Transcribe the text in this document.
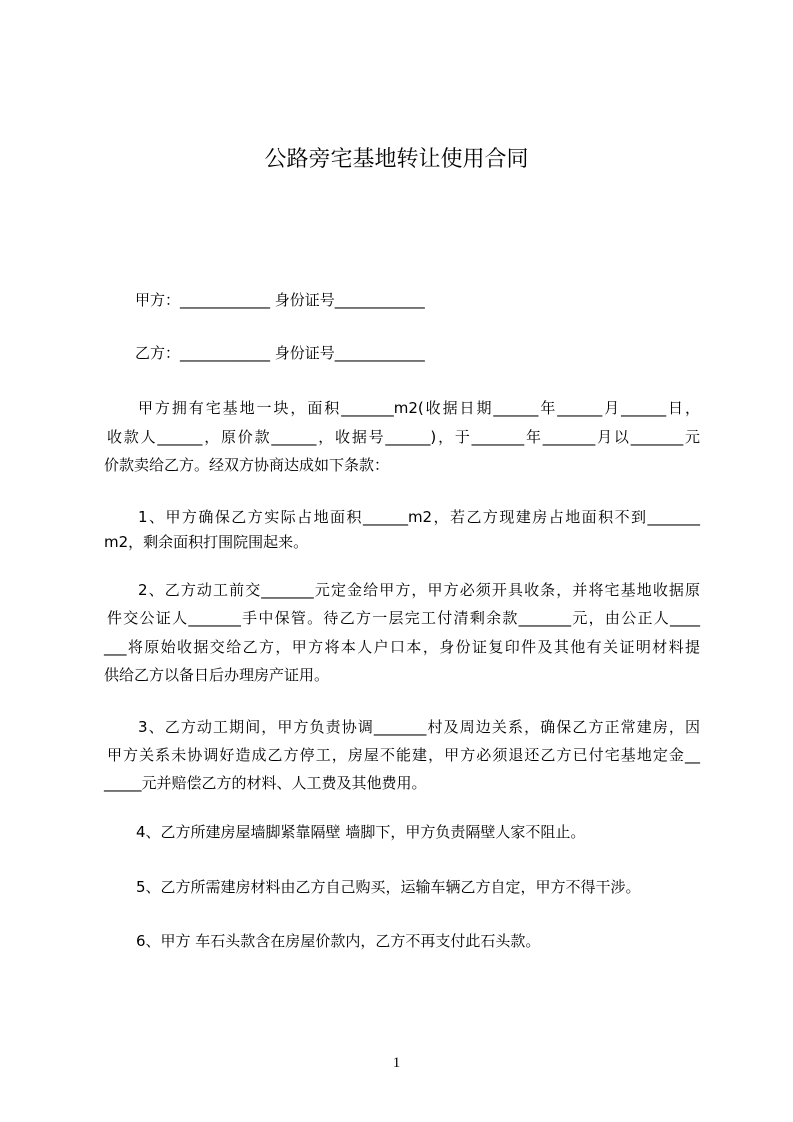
公路旁宅基地转让使用合同
甲方：____________ 身份证号____________
乙方：____________ 身份证号____________
甲方拥有宅基地一块，面积_______m2(收据日期______年______月______日，
收款人______，原价款______，收据号______)，于_______年_______月以_______元
价款卖给乙方。经双方协商达成如下条款：
1、甲方确保乙方实际占地面积______m2，若乙方现建房占地面积不到_______
m2，剩余面积打围院围起来。
2、乙方动工前交_______元定金给甲方，甲方必须开具收条，并将宅基地收据原
件交公证人_______手中保管。待乙方一层完工付清剩余款_______元，由公正人____
___将原始收据交给乙方，甲方将本人户口本，身份证复印件及其他有关证明材料提
供给乙方以备日后办理房产证用。
3、乙方动工期间，甲方负责协调_______村及周边关系，确保乙方正常建房，因
甲方关系未协调好造成乙方停工，房屋不能建，甲方必须退还乙方已付宅基地定金__
_____元并赔偿乙方的材料、人工费及其他费用。
4、乙方所建房屋墙脚紧靠隔壁 墙脚下，甲方负责隔壁人家不阻止。
5、乙方所需建房材料由乙方自己购买，运输车辆乙方自定，甲方不得干涉。
6、甲方 车石头款含在房屋价款内，乙方不再支付此石头款。
1
